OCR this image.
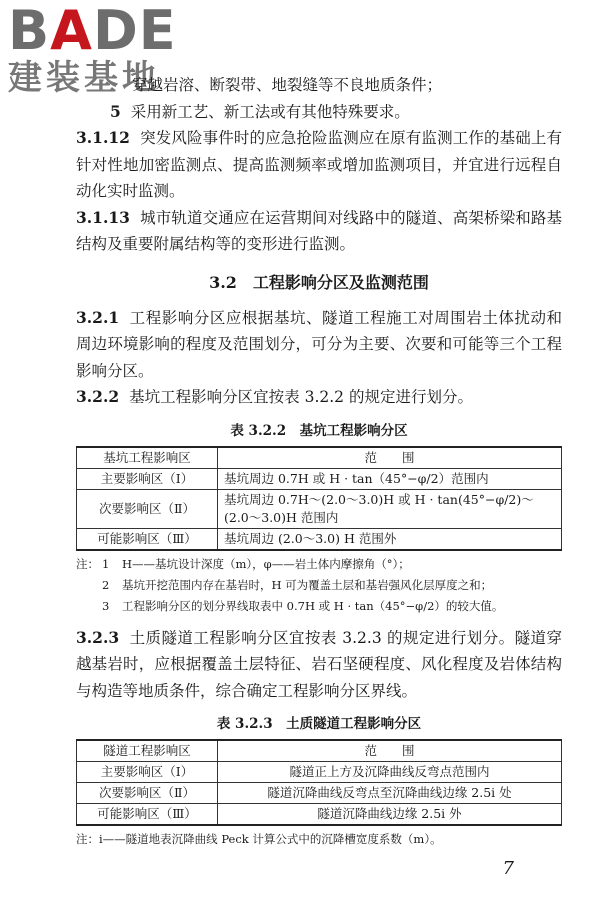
BADE
建装基地

穿越岩溶、断裂带、地裂缝等不良地质条件；

5 采用新工艺、新工法或有其他特殊要求。

3.1.12 突发风险事件时的应急抢险监测应在原有监测工作的基础上有针对性地加密监测点、提高监测频率或增加监测项目，并宜进行远程自动化实时监测。

3.1.13 城市轨道交通应在运营期间对线路中的隧道、高架桥梁和路基结构及重要附属结构等的变形进行监测。

3.2 工程影响分区及监测范围

3.2.1 工程影响分区应根据基坑、隧道工程施工对周围岩土体扰动和周边环境影响的程度及范围划分，可分为主要、次要和可能等三个工程影响分区。

3.2.2 基坑工程影响分区宜按表 3.2.2 的规定进行划分。

表 3.2.2　基坑工程影响分区
基坑工程影响区	范　　围
主要影响区（Ⅰ）	基坑周边 0.7H 或 H · tan（45°−φ/2）范围内
次要影响区（Ⅱ）	基坑周边 0.7H～(2.0～3.0)H 或 H · tan(45°−φ/2)～(2.0～3.0)H 范围内
可能影响区（Ⅲ）	基坑周边 (2.0～3.0) H 范围外
注： 1	H——基坑设计深度（m），φ——岩土体内摩擦角（°）；
2	基坑开挖范围内存在基岩时，H 可为覆盖土层和基岩强风化层厚度之和；
3	工程影响分区的划分界线取表中 0.7H 或 H · tan（45°−φ/2）的较大值。

3.2.3 土质隧道工程影响分区宜按表 3.2.3 的规定进行划分。隧道穿越基岩时，应根据覆盖土层特征、岩石坚硬程度、风化程度及岩体结构与构造等地质条件，综合确定工程影响分区界线。

表 3.2.3　土质隧道工程影响分区
隧道工程影响区	范　　围
主要影响区（Ⅰ）	隧道正上方及沉降曲线反弯点范围内
次要影响区（Ⅱ）	隧道沉降曲线反弯点至沉降曲线边缘 2.5i 处
可能影响区（Ⅲ）	隧道沉降曲线边缘 2.5i 外
注：i——隧道地表沉降曲线 Peck 计算公式中的沉降槽宽度系数（m）。
7
